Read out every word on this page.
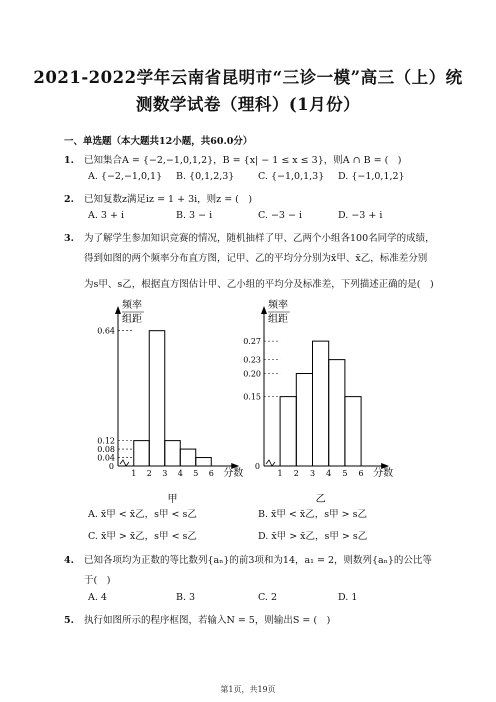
2021-2022学年云南省昆明市“三诊一模”高三（上）统
测数学试卷（理科）(1月份）
一、单选题（本大题共12小题，共60.0分）
1. 已知集合A = {−2,−1,0,1,2}，B = {x| − 1 ≤ x ≤ 3}，则A ∩ B = (　)
A. {−2,−1,0,1} B. {0,1,2,3} C. {−1,0,1,3} D. {−1,0,1,2}
2. 已知复数z满足iz = 1 + 3i，则z = (　)
A. 3 + i	B. 3 − i	C. −3 − i	D. −3 + i
3. 为了解学生参加知识竞赛的情况，随机抽样了甲、乙两个小组各100名同学的成绩，
得到如图的两个频率分布直方图，记甲、乙的平均分分别为x̄甲、x̄乙，标准差分别
为s甲、s乙，根据直方图估计甲、乙小组的平均分及标准差，下列描述正确的是(　)
频率
组距
0.64
0.12
0.08
0.04
0
1 2 3 4 5 6 分数
甲
频率
组距
0.27
0.23
0.20
0.15
0
1 2 3 4 5 6 分数
乙
A. x̄甲 < x̄乙，s甲 < s乙	B. x̄甲 < x̄乙，s甲 > s乙
C. x̄甲 > x̄乙，s甲 < s乙	D. x̄甲 > x̄乙，s甲 > s乙
4. 已知各项均为正数的等比数列{aₙ}的前3项和为14，a₁ = 2，则数列{aₙ}的公比等
于(　)
A. 4	B. 3	C. 2	D. 1
5. 执行如图所示的程序框图，若输入N = 5，则输出S = (　)
第1页，共19页
